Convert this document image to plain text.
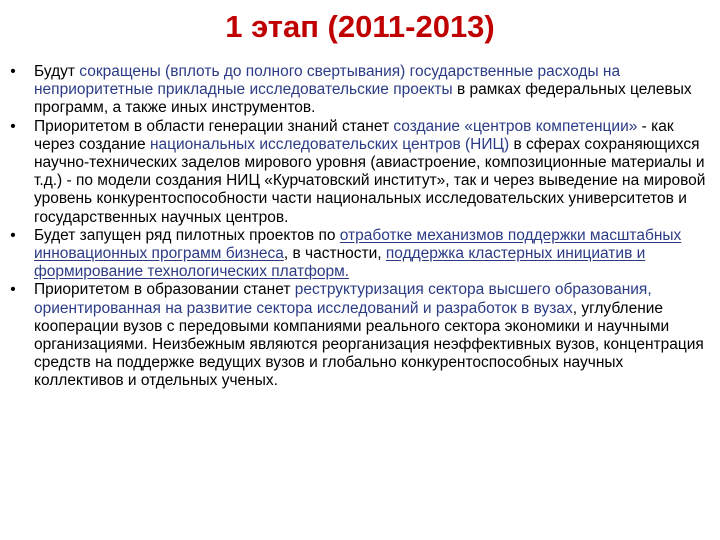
1 этап (2011-2013)
• Будут сокращены (вплоть до полного свертывания) государственные расходы на неприоритетные прикладные исследовательские проекты в рамках федеральных целевых программ, а также иных инструментов.
• Приоритетом в области генерации знаний станет создание «центров компетенции» - как через создание национальных исследовательских центров (НИЦ) в сферах сохраняющихся научно-технических заделов мирового уровня (авиастроение, композиционные материалы и т.д.) - по модели создания НИЦ «Курчатовский институт», так и через выведение на мировой уровень конкурентоспособности части национальных исследовательских университетов и государственных научных центров.
• Будет запущен ряд пилотных проектов по отработке механизмов поддержки масштабных инновационных программ бизнеса, в частности, поддержка кластерных инициатив и формирование технологических платформ.
• Приоритетом в образовании станет реструктуризация сектора высшего образования, ориентированная на развитие сектора исследований и разработок в вузах, углубление кооперации вузов с передовыми компаниями реального сектора экономики и научными организациями. Неизбежным являются реорганизация неэффективных вузов, концентрация средств на поддержке ведущих вузов и глобально конкурентоспособных научных коллективов и отдельных ученых.
